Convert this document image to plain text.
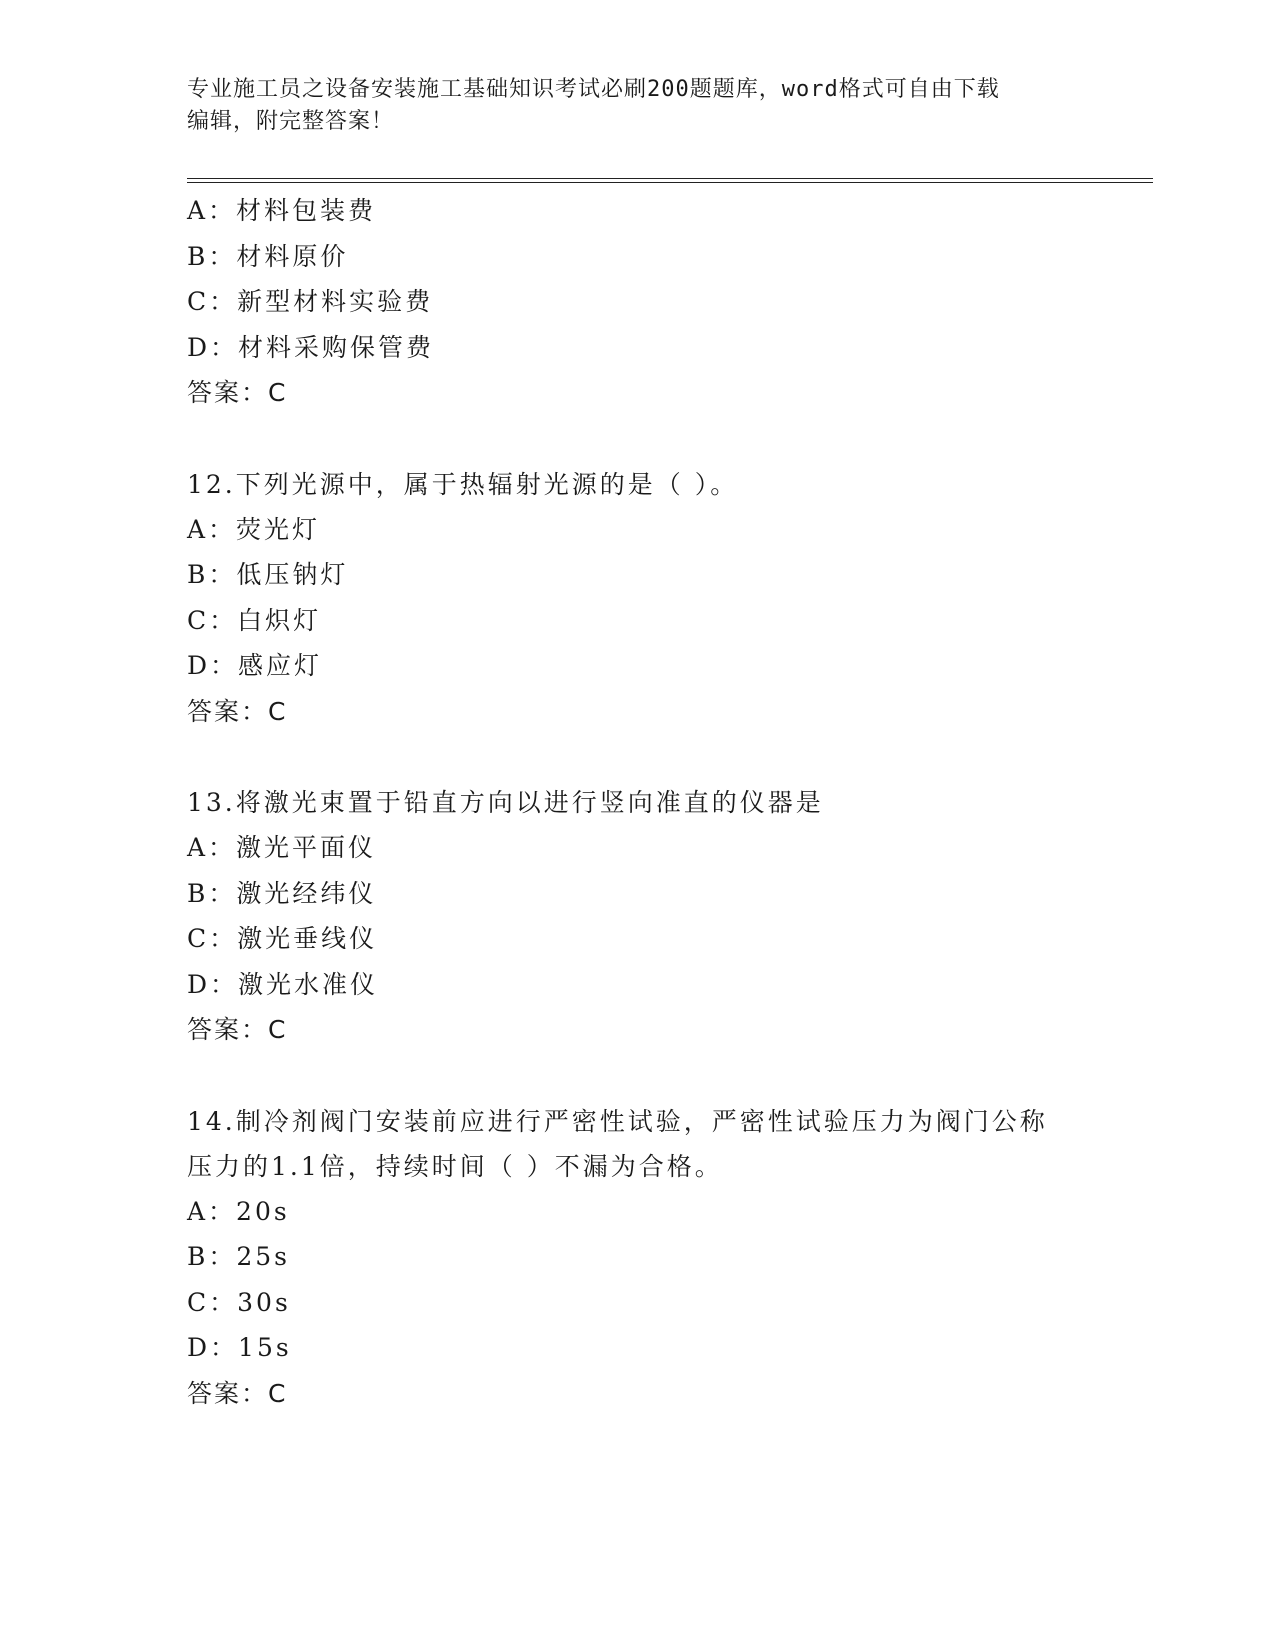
专业施工员之设备安装施工基础知识考试必刷200题题库，word格式可自由下载
编辑，附完整答案！
A：材料包装费
B：材料原价
C：新型材料实验费
D：材料采购保管费
答案：C
12.下列光源中，属于热辐射光源的是（ ）。
A：荧光灯
B：低压钠灯
C：白炽灯
D：感应灯
答案：C
13.将激光束置于铅直方向以进行竖向准直的仪器是
A：激光平面仪
B：激光经纬仪
C：激光垂线仪
D：激光水准仪
答案：C
14.制冷剂阀门安装前应进行严密性试验，严密性试验压力为阀门公称
压力的1.1倍，持续时间（ ）不漏为合格。
A：20s
B：25s
C：30s
D：15s
答案：C
